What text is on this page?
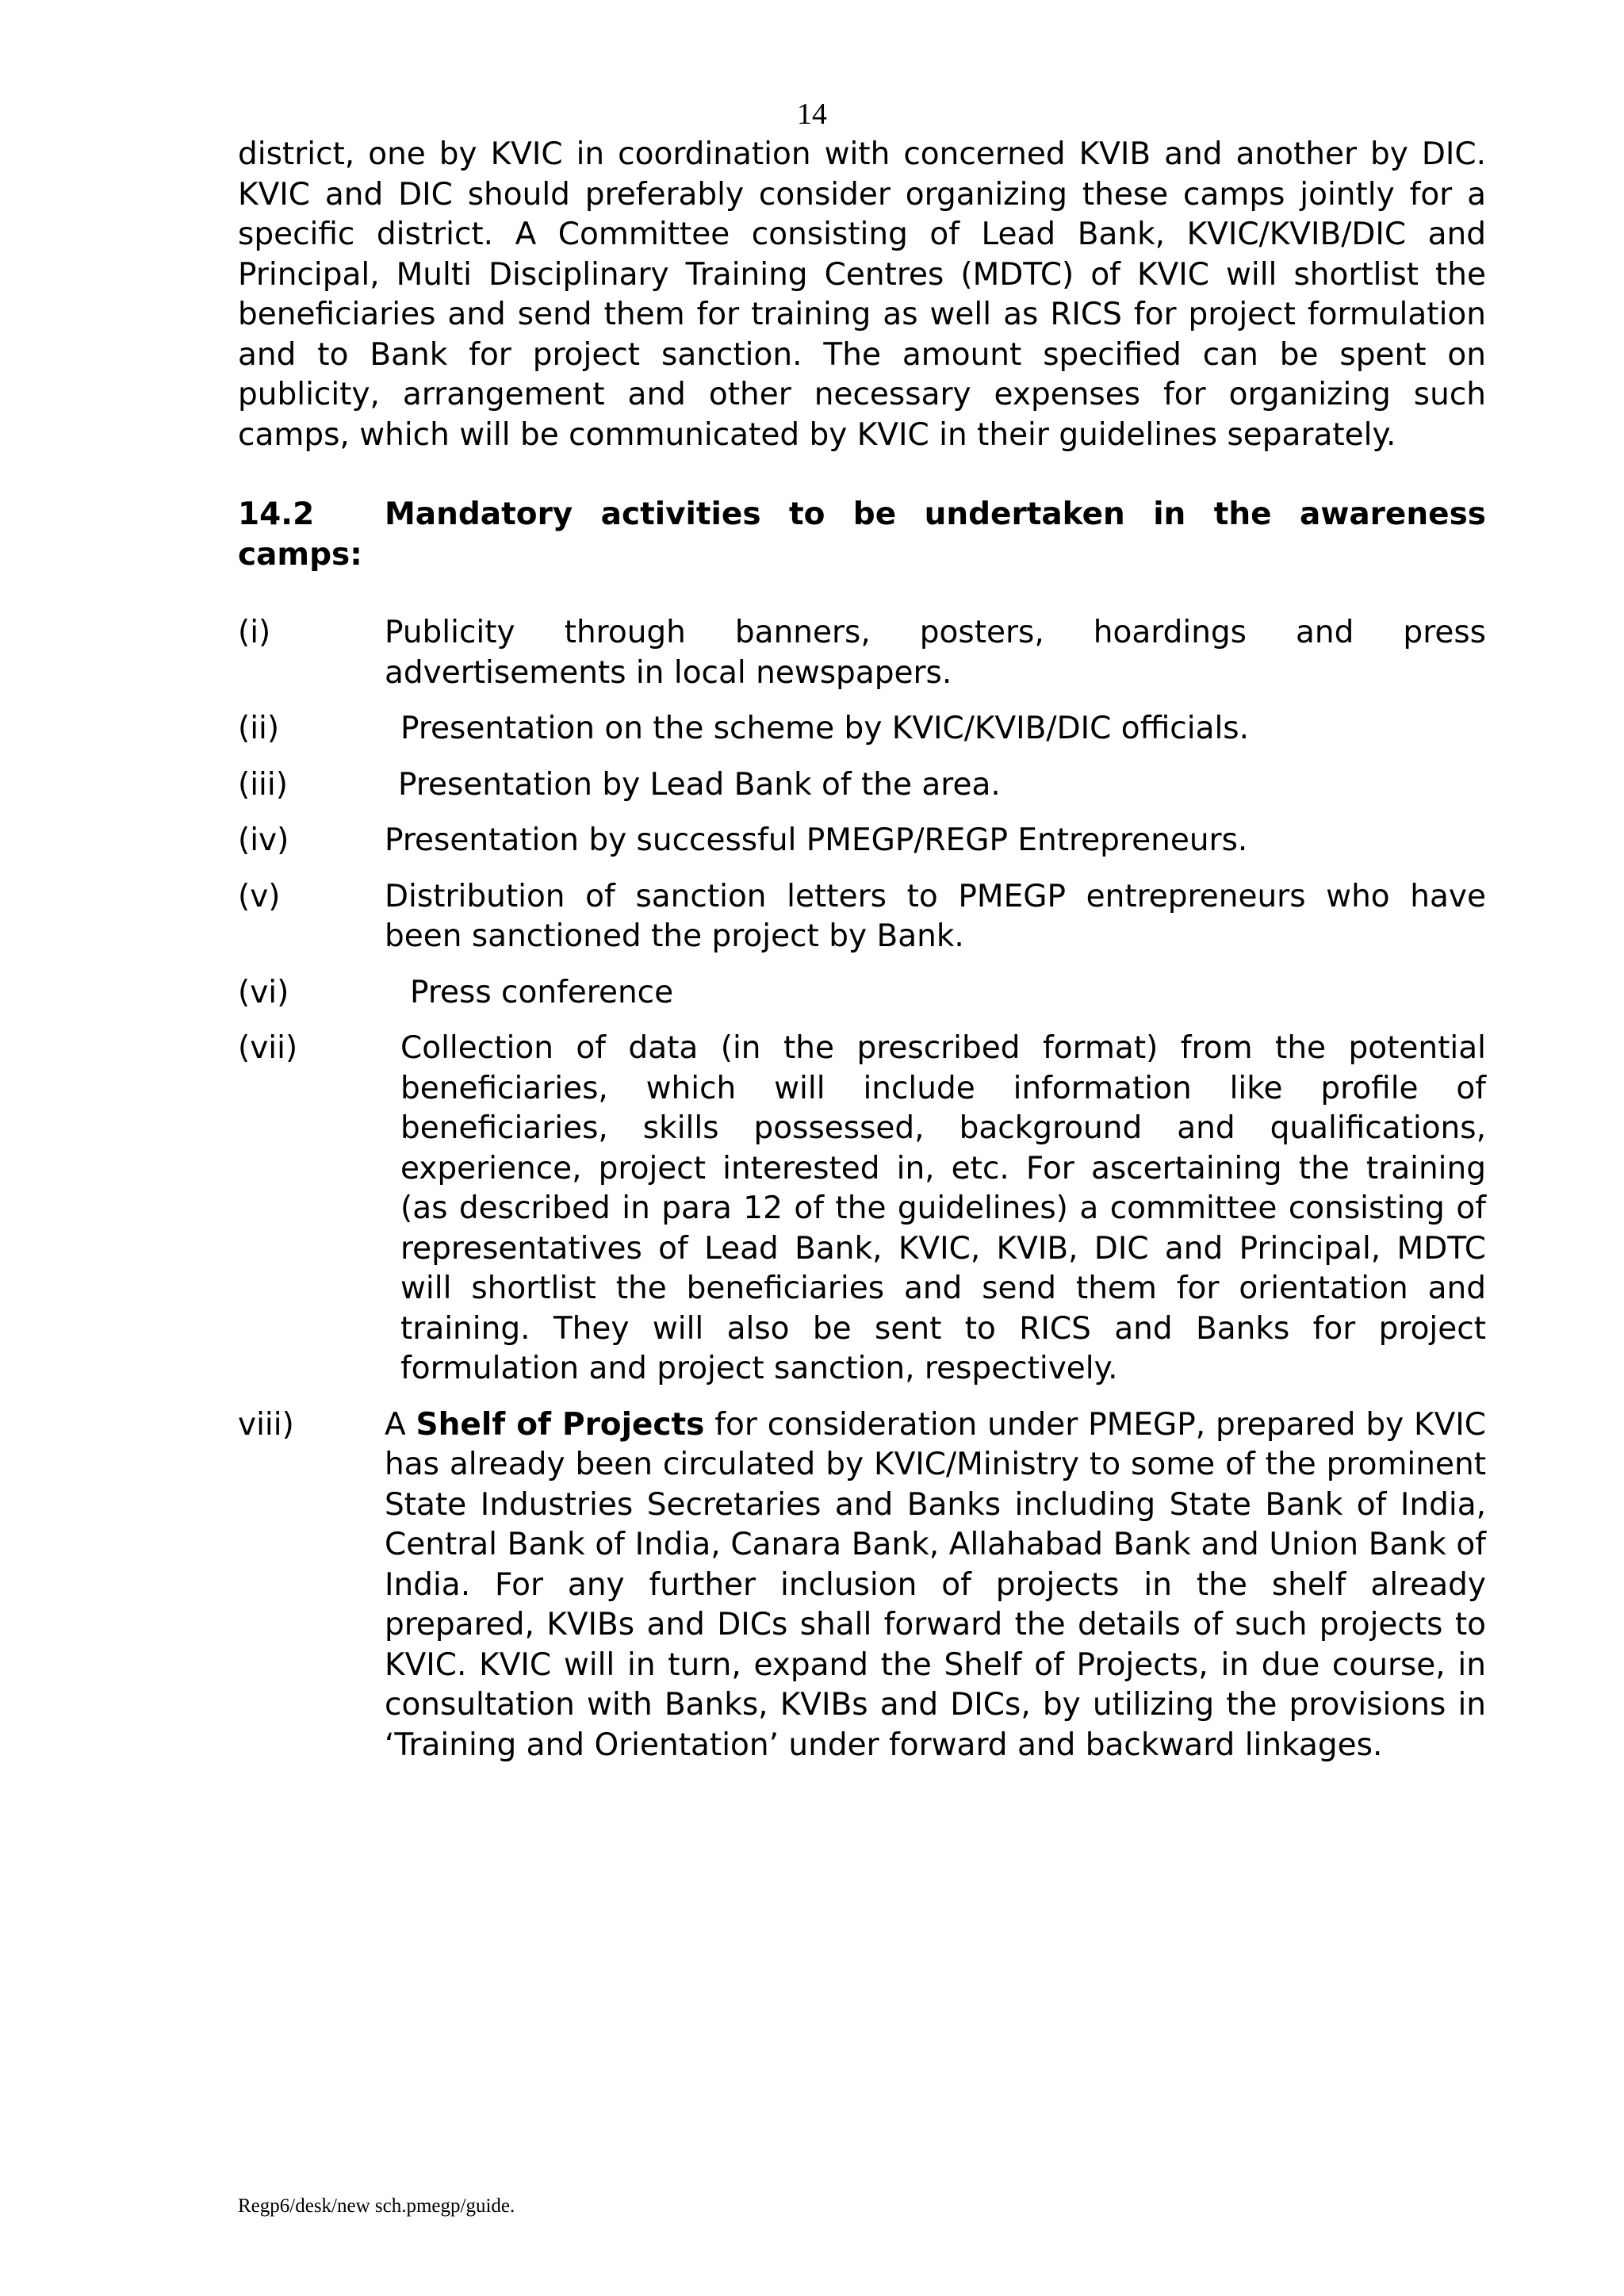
14

district, one by KVIC in coordination with concerned KVIB and another by DIC. KVIC and DIC should preferably consider organizing these camps jointly for a specific district. A Committee consisting of Lead Bank, KVIC/KVIB/DIC and Principal, Multi Disciplinary Training Centres (MDTC) of KVIC will shortlist the beneficiaries and send them for training as well as RICS for project formulation and to Bank for project sanction. The amount specified can be spent on publicity, arrangement and other necessary expenses for organizing such camps, which will be communicated by KVIC in their guidelines separately.

14.2 Mandatory activities to be undertaken in the awareness camps:
(i)	Publicity through banners, posters, hoardings and press advertisements in local newspapers.
(ii)	Presentation on the scheme by KVIC/KVIB/DIC officials.
(iii)	Presentation by Lead Bank of the area.
(iv)	Presentation by successful PMEGP/REGP Entrepreneurs.
(v)	Distribution of sanction letters to PMEGP entrepreneurs who have been sanctioned the project by Bank.
(vi)	Press conference
(vii)	Collection of data (in the prescribed format) from the potential beneficiaries, which will include information like profile of beneficiaries, skills possessed, background and qualifications, experience, project interested in, etc. For ascertaining the training (as described in para 12 of the guidelines) a committee consisting of representatives of Lead Bank, KVIC, KVIB, DIC and Principal, MDTC will shortlist the beneficiaries and send them for orientation and training. They will also be sent to RICS and Banks for project formulation and project sanction, respectively.
viii)	A Shelf of Projects for consideration under PMEGP, prepared by KVIC has already been circulated by KVIC/Ministry to some of the prominent State Industries Secretaries and Banks including State Bank of India, Central Bank of India, Canara Bank, Allahabad Bank and Union Bank of India. For any further inclusion of projects in the shelf already prepared, KVIBs and DICs shall forward the details of such projects to KVIC. KVIC will in turn, expand the Shelf of Projects, in due course, in consultation with Banks, KVIBs and DICs, by utilizing the provisions in ‘Training and Orientation’ under forward and backward linkages.
Regp6/desk/new sch.pmegp/guide.
